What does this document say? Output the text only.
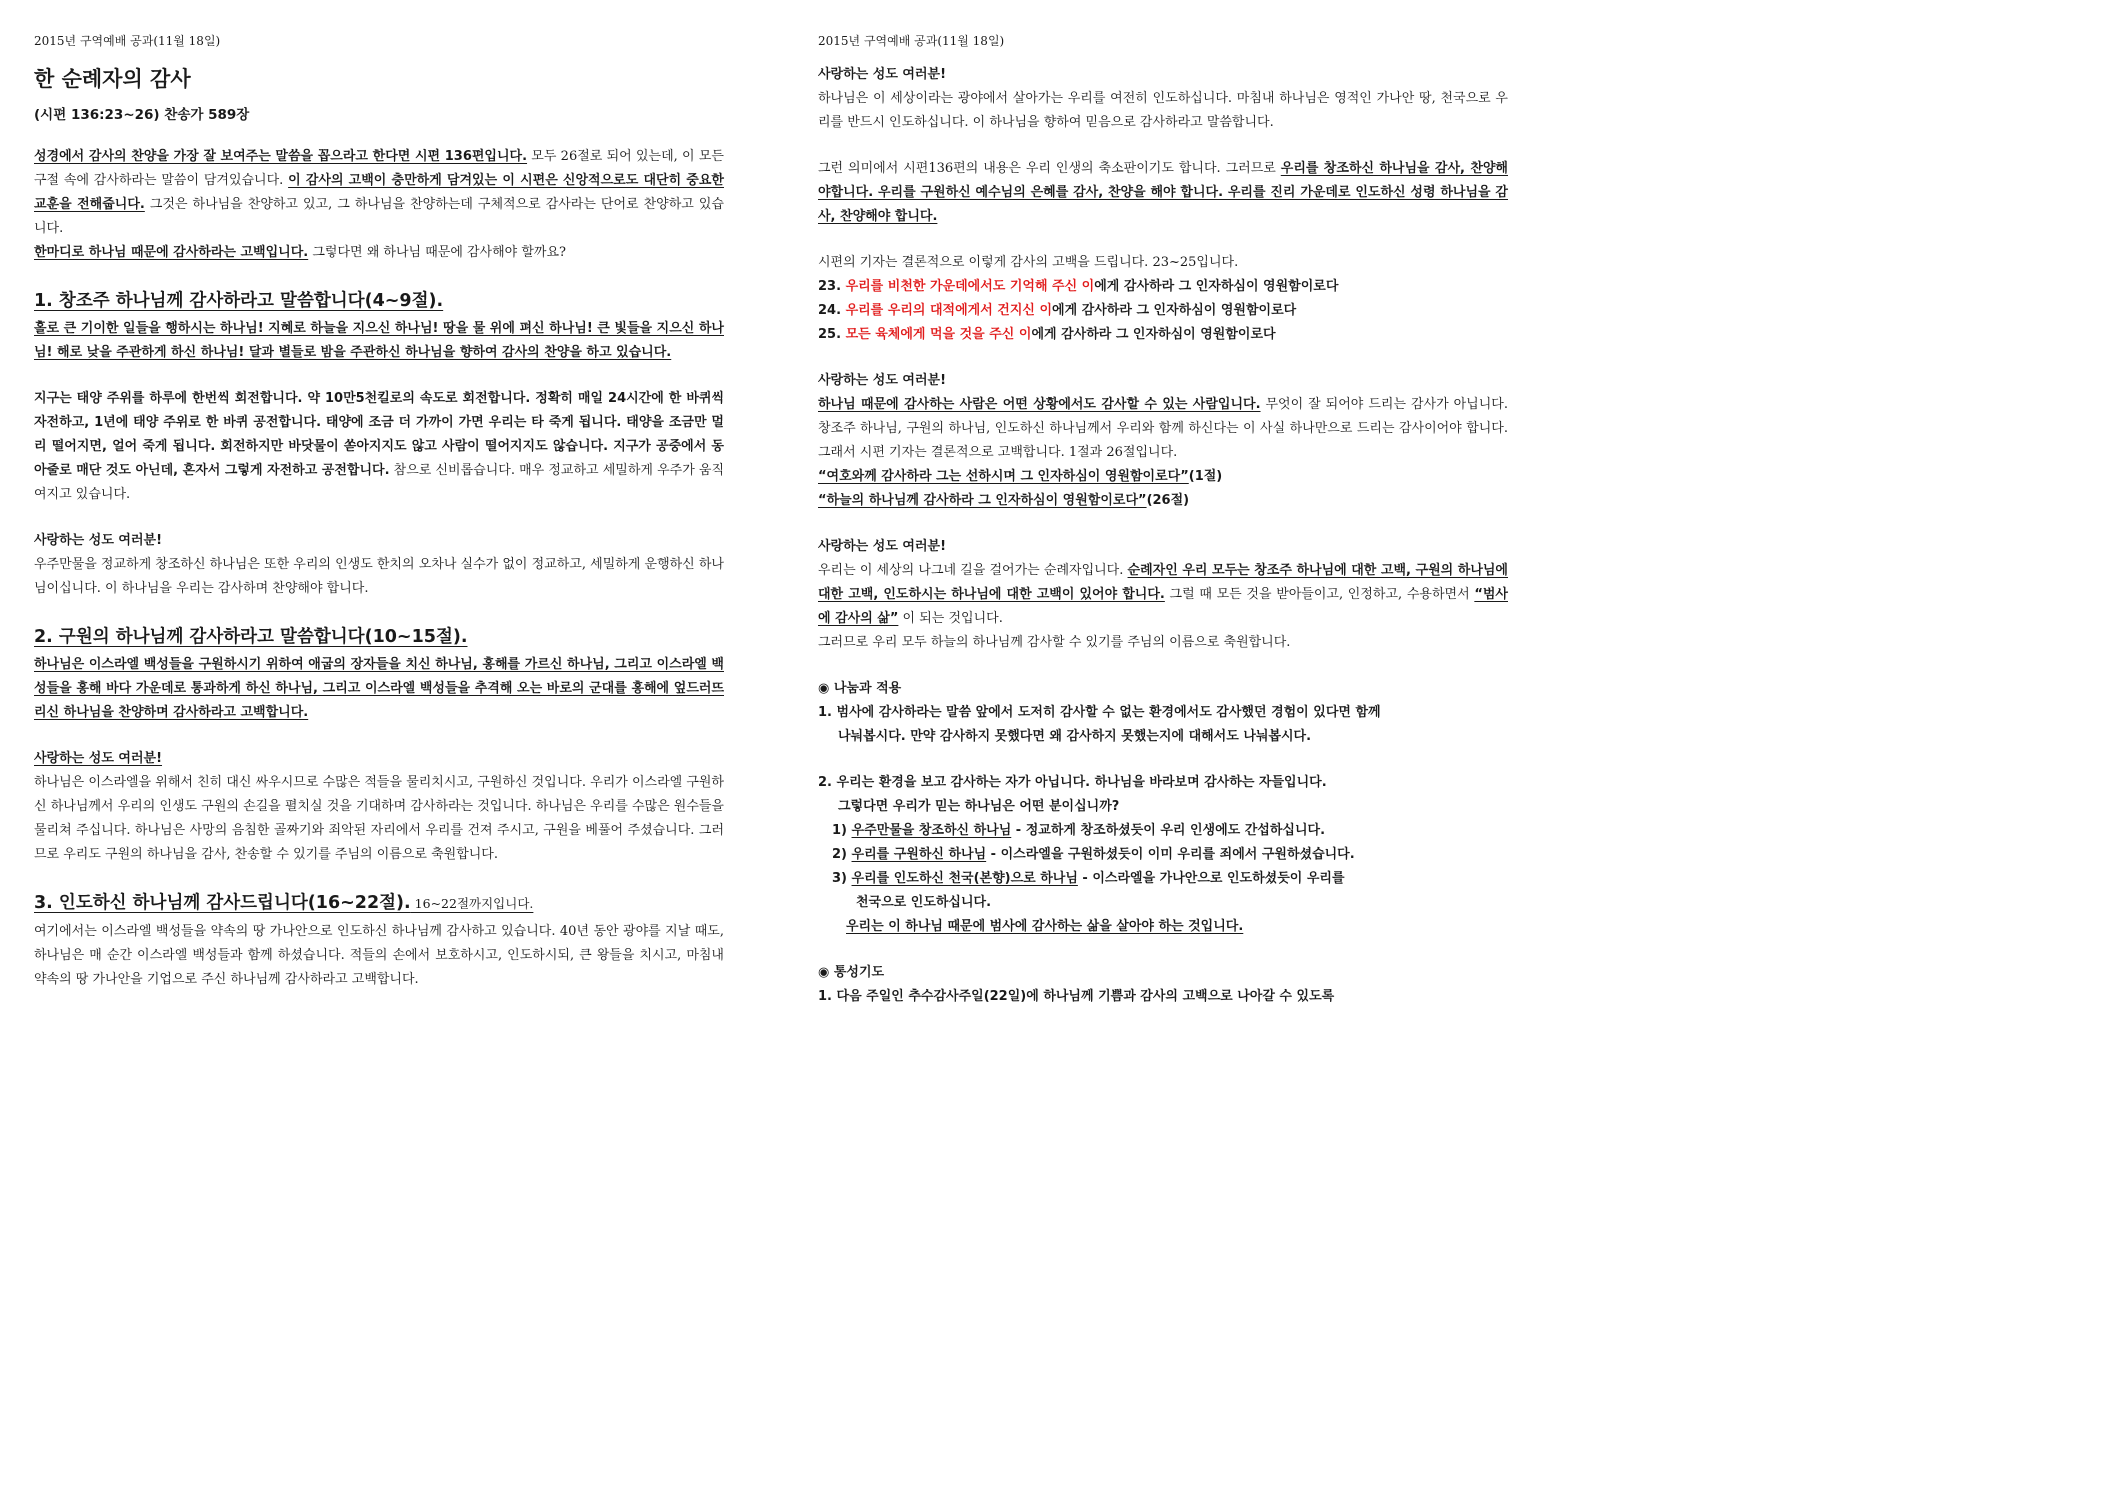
2015년 구역예배 공과(11월 18일)
한 순례자의 감사
(시편 136:23~26) 찬송가 589장

성경에서 감사의 찬양을 가장 잘 보여주는 말씀을 꼽으라고 한다면 시편 136편입니다. 모두 26절로 되어 있는데, 이 모든 구절 속에 감사하라는 말씀이 담겨있습니다. 이 감사의 고백이 충만하게 담겨있는 이 시편은 신앙적으로도 대단히 중요한 교훈을 전해줍니다. 그것은 하나님을 찬양하고 있고, 그 하나님을 찬양하는데 구체적으로 감사라는 단어로 찬양하고 있습니다.
한마디로 하나님 때문에 감사하라는 고백입니다. 그렇다면 왜 하나님 때문에 감사해야 할까요?

1. 창조주 하나님께 감사하라고 말씀합니다(4~9절).

홀로 큰 기이한 일들을 행하시는 하나님! 지혜로 하늘을 지으신 하나님! 땅을 물 위에 펴신 하나님! 큰 빛들을 지으신 하나님! 해로 낮을 주관하게 하신 하나님! 달과 별들로 밤을 주관하신 하나님을 향하여 감사의 찬양을 하고 있습니다.

지구는 태양 주위를 하루에 한번씩 회전합니다. 약 10만5천킬로의 속도로 회전합니다. 정확히 매일 24시간에 한 바퀴씩 자전하고, 1년에 태양 주위로 한 바퀴 공전합니다. 태양에 조금 더 가까이 가면 우리는 타 죽게 됩니다. 태양을 조금만 멀리 떨어지면, 얼어 죽게 됩니다. 회전하지만 바닷물이 쏟아지지도 않고 사람이 떨어지지도 않습니다. 지구가 공중에서 동아줄로 매단 것도 아닌데, 혼자서 그렇게 자전하고 공전합니다. 참으로 신비롭습니다. 매우 정교하고 세밀하게 우주가 움직여지고 있습니다.

사랑하는 성도 여러분!

우주만물을 정교하게 창조하신 하나님은 또한 우리의 인생도 한치의 오차나 실수가 없이 정교하고, 세밀하게 운행하신 하나님이십니다. 이 하나님을 우리는 감사하며 찬양해야 합니다.

2. 구원의 하나님께 감사하라고 말씀합니다(10~15절).

하나님은 이스라엘 백성들을 구원하시기 위하여 애굽의 장자들을 치신 하나님, 홍해를 가르신 하나님, 그리고 이스라엘 백성들을 홍해 바다 가운데로 통과하게 하신 하나님, 그리고 이스라엘 백성들을 추격해 오는 바로의 군대를 홍해에 엎드러뜨리신 하나님을 찬양하며 감사하라고 고백합니다.

사랑하는 성도 여러분!

하나님은 이스라엘을 위해서 친히 대신 싸우시므로 수많은 적들을 물리치시고, 구원하신 것입니다. 우리가 이스라엘 구원하신 하나님께서 우리의 인생도 구원의 손길을 펼치실 것을 기대하며 감사하라는 것입니다. 하나님은 우리를 수많은 원수들을 물리쳐 주십니다. 하나님은 사망의 음침한 골짜기와 죄악된 자리에서 우리를 건져 주시고, 구원을 베풀어 주셨습니다. 그러므로 우리도 구원의 하나님을 감사, 찬송할 수 있기를 주님의 이름으로 축원합니다.

3. 인도하신 하나님께 감사드립니다(16~22절). 16~22절까지입니다.

여기에서는 이스라엘 백성들을 약속의 땅 가나안으로 인도하신 하나님께 감사하고 있습니다. 40년 동안 광야를 지날 때도, 하나님은 매 순간 이스라엘 백성들과 함께 하셨습니다. 적들의 손에서 보호하시고, 인도하시되, 큰 왕들을 치시고, 마침내 약속의 땅 가나안을 기업으로 주신 하나님께 감사하라고 고백합니다.

2015년 구역예배 공과(11월 18일)

사랑하는 성도 여러분!

하나님은 이 세상이라는 광야에서 살아가는 우리를 여전히 인도하십니다. 마침내 하나님은 영적인 가나안 땅, 천국으로 우리를 반드시 인도하십니다. 이 하나님을 향하여 믿음으로 감사하라고 말씀합니다.

그런 의미에서 시편136편의 내용은 우리 인생의 축소판이기도 합니다. 그러므로 우리를 창조하신 하나님을 감사, 찬양해야합니다. 우리를 구원하신 예수님의 은혜를 감사, 찬양을 해야 합니다. 우리를 진리 가운데로 인도하신 성령 하나님을 감사, 찬양해야 합니다.

시편의 기자는 결론적으로 이렇게 감사의 고백을 드립니다. 23~25입니다.

23. 우리를 비천한 가운데에서도 기억해 주신 이에게 감사하라 그 인자하심이 영원함이로다

24. 우리를 우리의 대적에게서 건지신 이에게 감사하라 그 인자하심이 영원함이로다

25. 모든 육체에게 먹을 것을 주신 이에게 감사하라 그 인자하심이 영원함이로다

사랑하는 성도 여러분!

하나님 때문에 감사하는 사람은 어떤 상황에서도 감사할 수 있는 사람입니다. 무엇이 잘 되어야 드리는 감사가 아닙니다. 창조주 하나님, 구원의 하나님, 인도하신 하나님께서 우리와 함께 하신다는 이 사실 하나만으로 드리는 감사이어야 합니다. 그래서 시편 기자는 결론적으로 고백합니다. 1절과 26절입니다.

“여호와께 감사하라 그는 선하시며 그 인자하심이 영원함이로다”(1절)

“하늘의 하나님께 감사하라 그 인자하심이 영원함이로다”(26절)

사랑하는 성도 여러분!

우리는 이 세상의 나그네 길을 걸어가는 순례자입니다. 순례자인 우리 모두는 창조주 하나님에 대한 고백, 구원의 하나님에 대한 고백, 인도하시는 하나님에 대한 고백이 있어야 합니다. 그럴 때 모든 것을 받아들이고, 인정하고, 수용하면서 “범사에 감사의 삶” 이 되는 것입니다.

그러므로 우리 모두 하늘의 하나님께 감사할 수 있기를 주님의 이름으로 축원합니다.

◉ 나눔과 적용

1. 범사에 감사하라는 말씀 앞에서 도저히 감사할 수 없는 환경에서도 감사했던 경험이 있다면 함께

나눠봅시다. 만약 감사하지 못했다면 왜 감사하지 못했는지에 대해서도 나눠봅시다.

2. 우리는 환경을 보고 감사하는 자가 아닙니다. 하나님을 바라보며 감사하는 자들입니다.

그렇다면 우리가 믿는 하나님은 어떤 분이십니까?

1) 우주만물을 창조하신 하나님 - 정교하게 창조하셨듯이 우리 인생에도 간섭하십니다.

2) 우리를 구원하신 하나님 - 이스라엘을 구원하셨듯이 이미 우리를 죄에서 구원하셨습니다.

3) 우리를 인도하신 천국(본향)으로 하나님 - 이스라엘을 가나안으로 인도하셨듯이 우리를

천국으로 인도하십니다.

우리는 이 하나님 때문에 범사에 감사하는 삶을 살아야 하는 것입니다.

◉ 통성기도

1. 다음 주일인 추수감사주일(22일)에 하나님께 기쁨과 감사의 고백으로 나아갈 수 있도록
